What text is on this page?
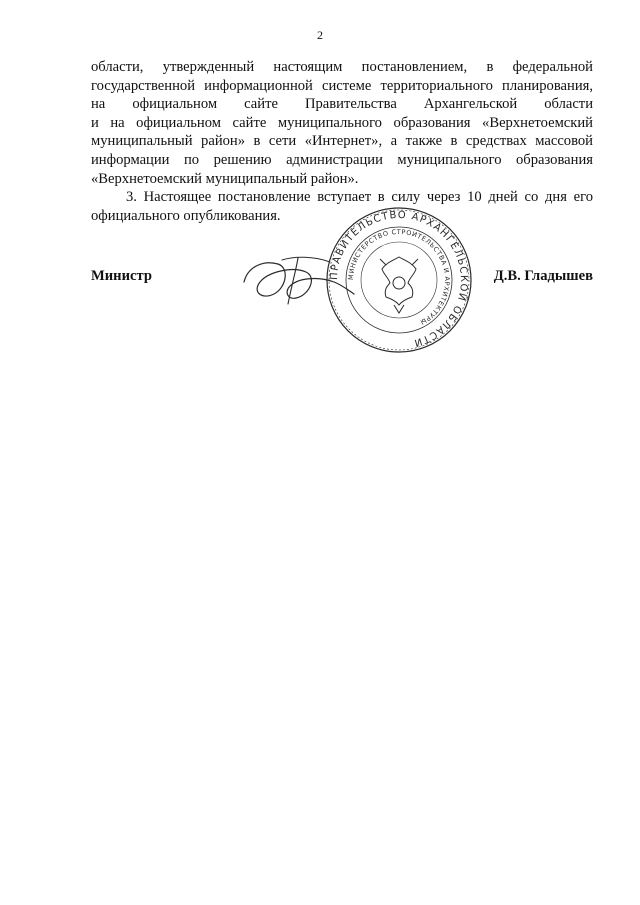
2

области, утвержденный настоящим постановлением, в федеральной

государственной информационной системе территориального планирования,

на официальном сайте Правительства Архангельской области

и на официальном сайте муниципального образования «Верхнетоемский

муниципальный район» в сети «Интернет», а также в средствах массовой

информации по решению администрации муниципального образования

«Верхнетоемский муниципальный район».

3. Настоящее постановление вступает в силу через 10 дней со дня его

официального опубликования.

ПРАВИТЕЛЬСТВО АРХАНГЕЛЬСКОЙ ОБЛАСТИ
МИНИСТЕРСТВО СТРОИТЕЛЬСТВА И АРХИТЕКТУРЫ
Министр	Д.В. Гладышев
